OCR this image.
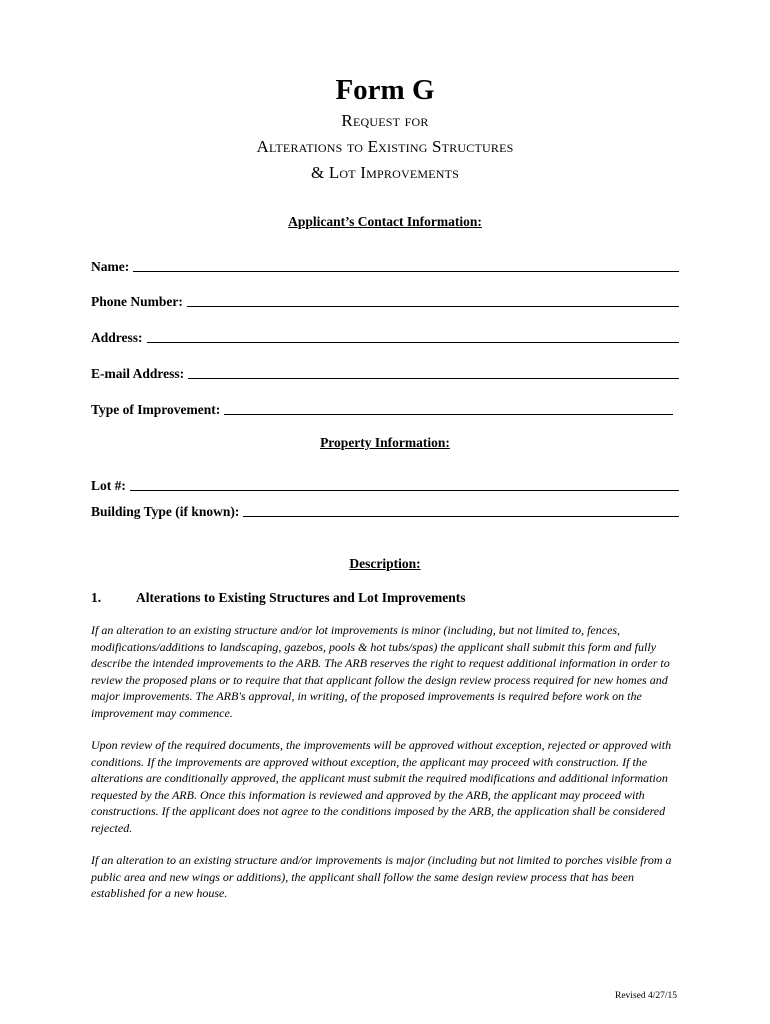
Form G
Request for
Alterations to Existing Structures
& Lot Improvements
Applicant’s Contact Information:
Name:
Phone Number:
Address:
E-mail Address:
Type of Improvement:
Property Information:
Lot #:
Building Type (if known):
Description:
1.	Alterations to Existing Structures and Lot Improvements
If an alteration to an existing structure and/or lot improvements is minor (including, but not limited to, fences, modifications/additions to landscaping, gazebos, pools & hot tubs/spas) the applicant shall submit this form and fully describe the intended improvements to the ARB. The ARB reserves the right to request additional information in order to review the proposed plans or to require that that applicant follow the design review process required for new homes and major improvements. The ARB's approval, in writing, of the proposed improvements is required before work on the improvement may commence.
Upon review of the required documents, the improvements will be approved without exception, rejected or approved with conditions. If the improvements are approved without exception, the applicant may proceed with construction. If the alterations are conditionally approved, the applicant must submit the required modifications and additional information requested by the ARB. Once this information is reviewed and approved by the ARB, the applicant may proceed with constructions. If the applicant does not agree to the conditions imposed by the ARB, the application shall be considered rejected.
If an alteration to an existing structure and/or improvements is major (including but not limited to porches visible from a public area and new wings or additions), the applicant shall follow the same design review process that has been established for a new house.
Revised 4/27/15
